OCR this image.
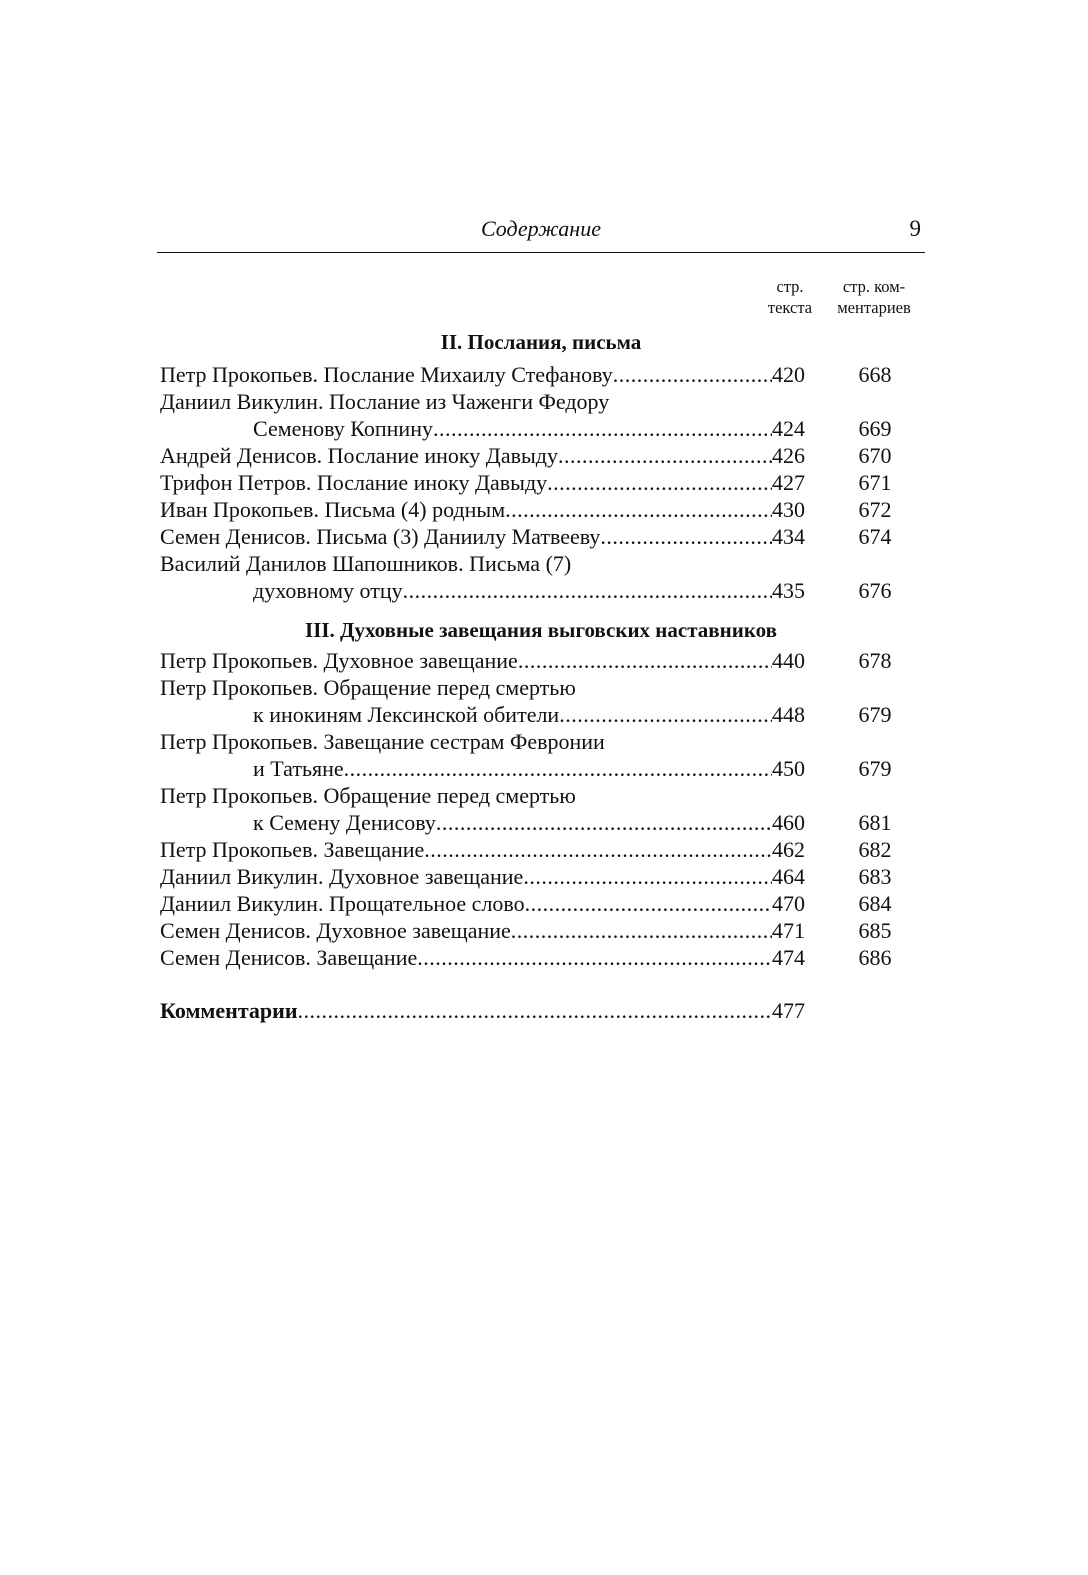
Содержание	9
стр.
текста
стр. ком-
ментариев
II. Послания, письма
Петр Прокопьев. Послание Михаилу Стефанову .....	420	668
Даниил Викулин. Послание из Чаженги Федору
Семенову Копнину .....	424	669
Андрей Денисов. Послание иноку Давыду .....	426	670
Трифон Петров. Послание иноку Давыду .....	427	671
Иван Прокопьев. Письма (4) родным .....	430	672
Семен Денисов. Письма (3) Даниилу Матвееву .....	434	674
Василий Данилов Шапошников. Письма (7)
духовному отцу .....	435	676
III. Духовные завещания выговских наставников
Петр Прокопьев. Духовное завещание .....	440	678
Петр Прокопьев. Обращение перед смертью
к инокиням Лексинской обители .....	448	679
Петр Прокопьев. Завещание сестрам Февронии
и Татьяне .....	450	679
Петр Прокопьев. Обращение перед смертью
к Семену Денисову .....	460	681
Петр Прокопьев. Завещание .....	462	682
Даниил Викулин. Духовное завещание .....	464	683
Даниил Викулин. Прощательное слово .....	470	684
Семен Денисов. Духовное завещание .....	471	685
Семен Денисов. Завещание .....	474	686
Комментарии .....	477
